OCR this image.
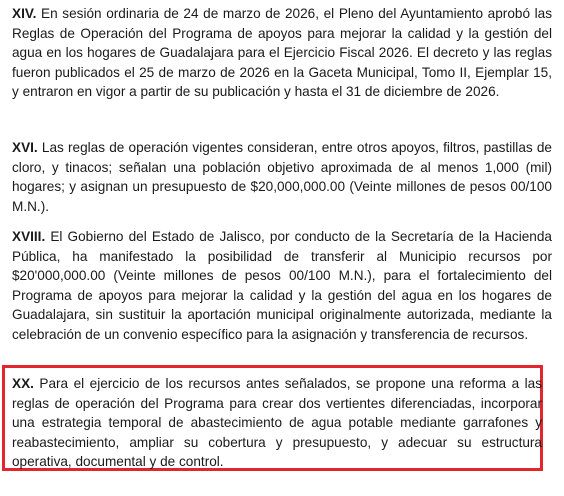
XIV. En sesión ordinaria de 24 de marzo de 2026, el Pleno del Ayuntamiento aprobó las Reglas de Operación del Programa de apoyos para mejorar la calidad y la gestión del agua en los hogares de Guadalajara para el Ejercicio Fiscal 2026. El decreto y las reglas fueron publicados el 25 de marzo de 2026 en la Gaceta Municipal, Tomo II, Ejemplar 15, y entraron en vigor a partir de su publicación y hasta el 31 de diciembre de 2026.

XVI. Las reglas de operación vigentes consideran, entre otros apoyos, filtros, pastillas de cloro, y tinacos; señalan una población objetivo aproximada de al menos 1,000 (mil) hogares; y asignan un presupuesto de $20,000,000.00 (Veinte millones de pesos 00/100 M.N.).

XVIII. El Gobierno del Estado de Jalisco, por conducto de la Secretaría de la Hacienda Pública, ha manifestado la posibilidad de transferir al Municipio recursos por $20'000,000.00 (Veinte millones de pesos 00/100 M.N.), para el fortalecimiento del Programa de apoyos para mejorar la calidad y la gestión del agua en los hogares de Guadalajara, sin sustituir la aportación municipal originalmente autorizada, mediante la celebración de un convenio específico para la asignación y transferencia de recursos.

XX. Para el ejercicio de los recursos antes señalados, se propone una reforma a las reglas de operación del Programa para crear dos vertientes diferenciadas, incorporar una estrategia temporal de abastecimiento de agua potable mediante garrafones y reabastecimiento, ampliar su cobertura y presupuesto, y adecuar su estructura operativa, documental y de control.
